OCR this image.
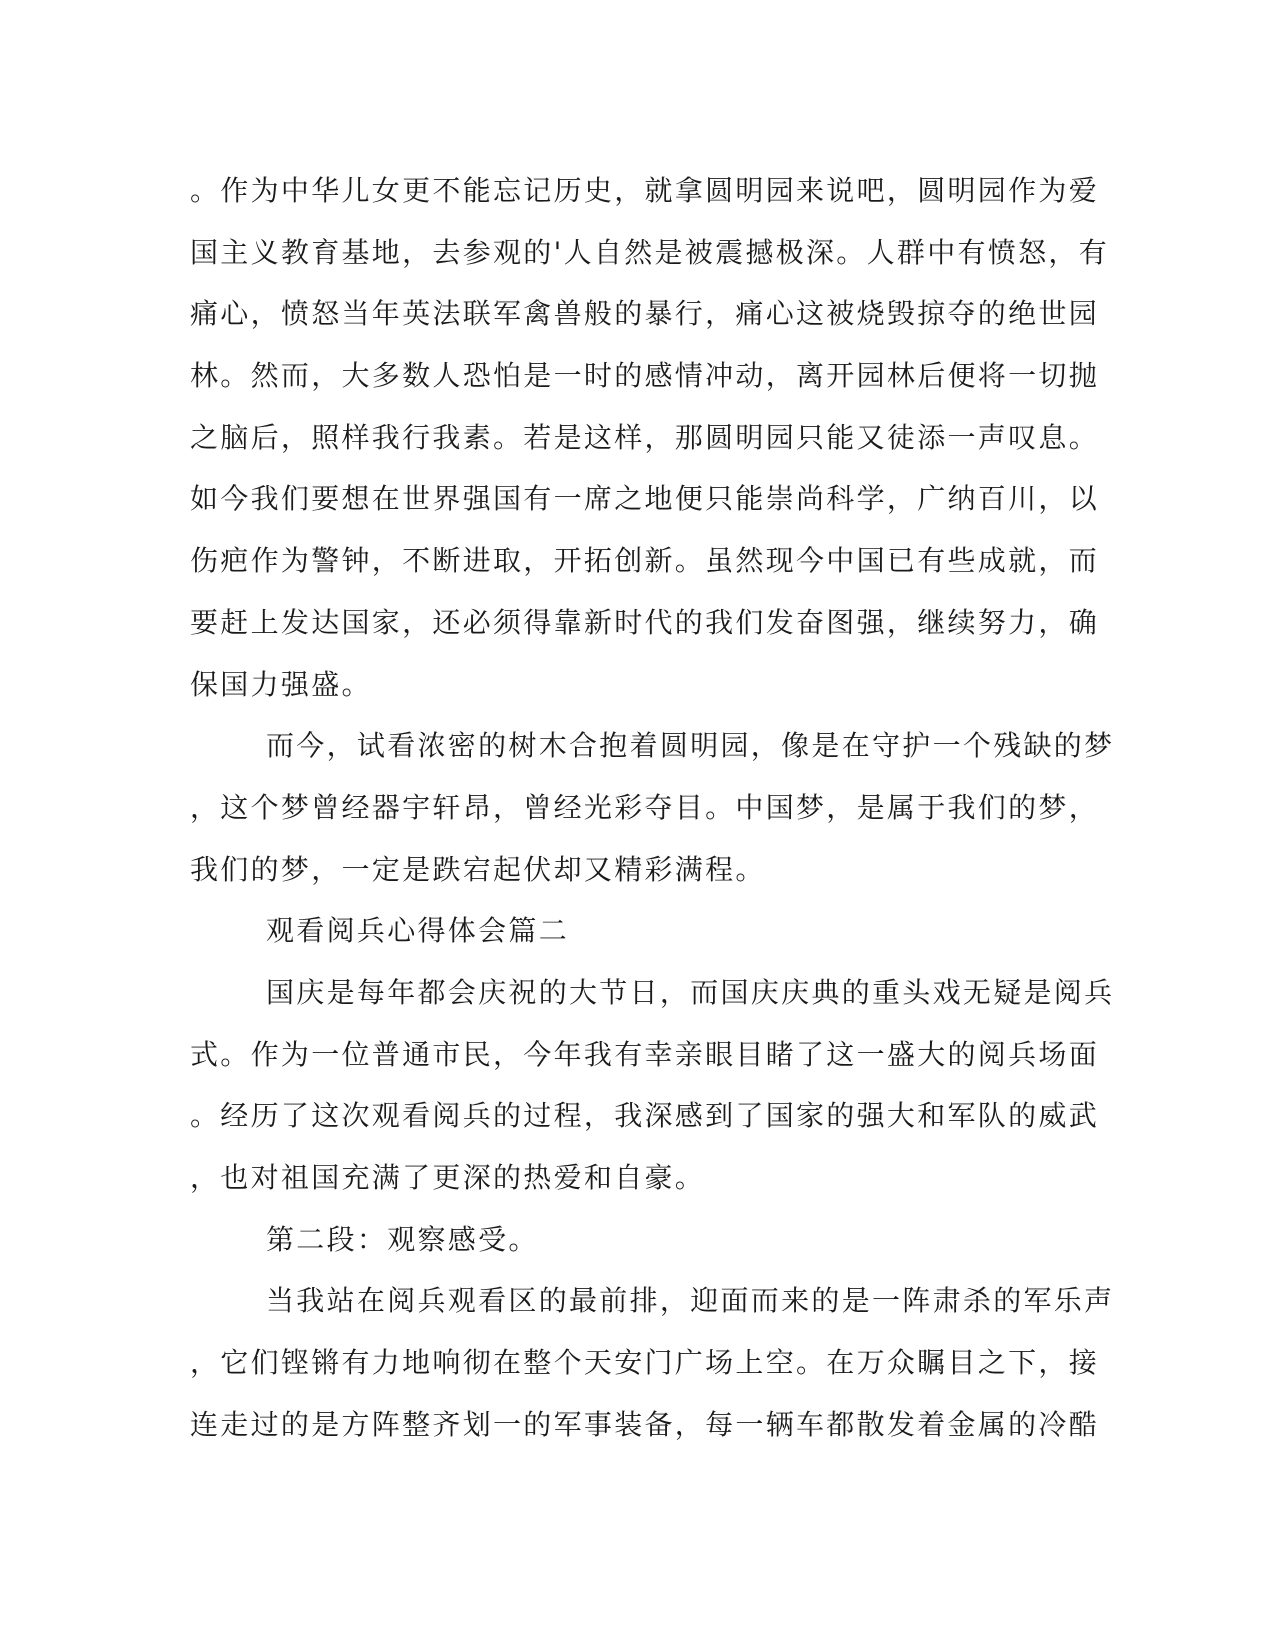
。作为中华儿女更不能忘记历史，就拿圆明园来说吧，圆明园作为爱
国主义教育基地，去参观的'人自然是被震撼极深。人群中有愤怒，有
痛心，愤怒当年英法联军禽兽般的暴行，痛心这被烧毁掠夺的绝世园
林。然而，大多数人恐怕是一时的感情冲动，离开园林后便将一切抛
之脑后，照样我行我素。若是这样，那圆明园只能又徒添一声叹息。
如今我们要想在世界强国有一席之地便只能崇尚科学，广纳百川，以
伤疤作为警钟，不断进取，开拓创新。虽然现今中国已有些成就，而
要赶上发达国家，还必须得靠新时代的我们发奋图强，继续努力，确
保国力强盛。
而今，试看浓密的树木合抱着圆明园，像是在守护一个残缺的梦
，这个梦曾经器宇轩昂，曾经光彩夺目。中国梦，是属于我们的梦，
我们的梦，一定是跌宕起伏却又精彩满程。
观看阅兵心得体会篇二
国庆是每年都会庆祝的大节日，而国庆庆典的重头戏无疑是阅兵
式。作为一位普通市民，今年我有幸亲眼目睹了这一盛大的阅兵场面
。经历了这次观看阅兵的过程，我深感到了国家的强大和军队的威武
，也对祖国充满了更深的热爱和自豪。
第二段：观察感受。
当我站在阅兵观看区的最前排，迎面而来的是一阵肃杀的军乐声
，它们铿锵有力地响彻在整个天安门广场上空。在万众瞩目之下，接
连走过的是方阵整齐划一的军事装备，每一辆车都散发着金属的冷酷
